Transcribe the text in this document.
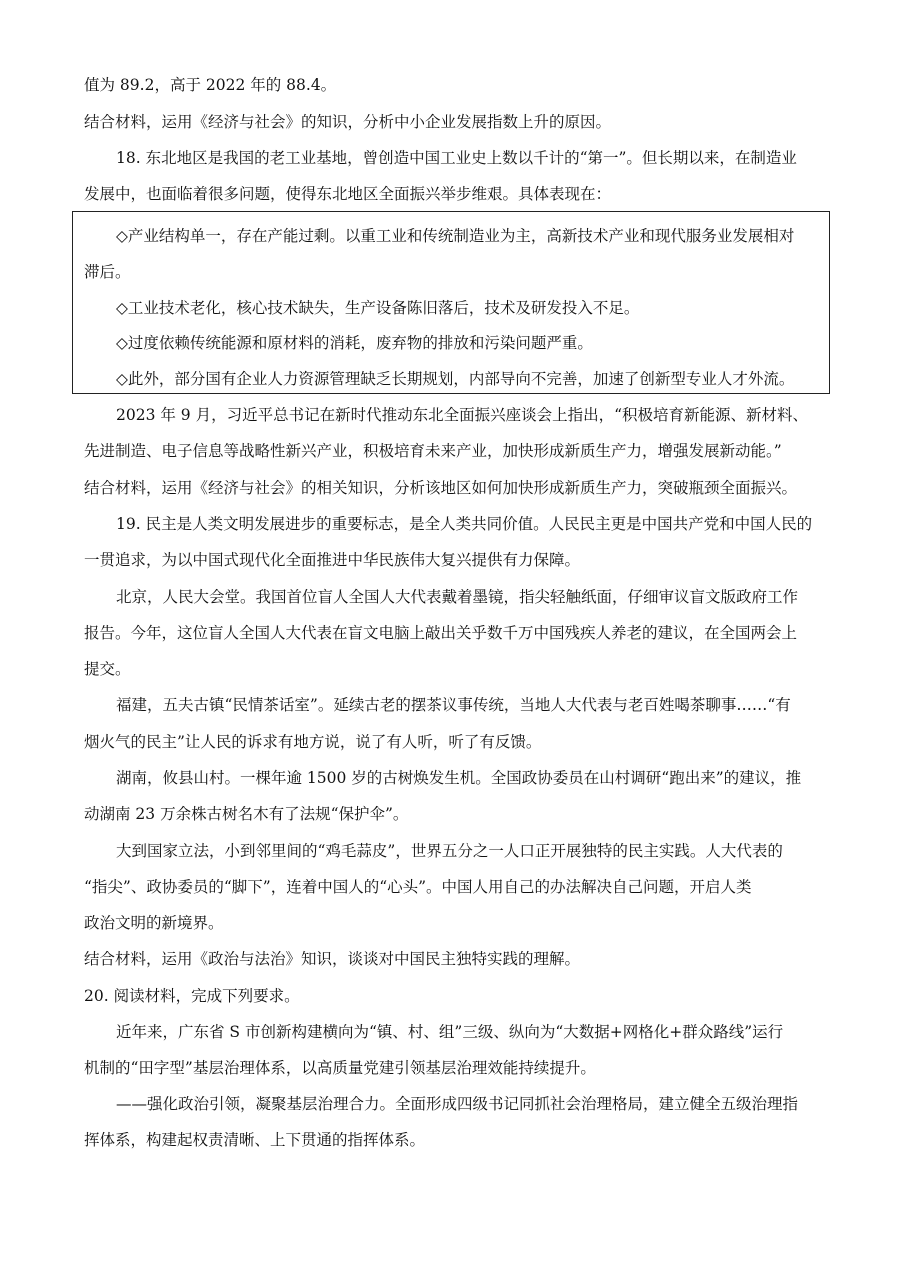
值为 89.2，高于 2022 年的 88.4。
结合材料，运用《经济与社会》的知识，分析中小企业发展指数上升的原因。
18. 东北地区是我国的老工业基地，曾创造中国工业史上数以千计的“第一”。但长期以来，在制造业
发展中，也面临着很多问题，使得东北地区全面振兴举步维艰。具体表现在：
◇产业结构单一，存在产能过剩。以重工业和传统制造业为主，高新技术产业和现代服务业发展相对
滞后。
◇工业技术老化，核心技术缺失，生产设备陈旧落后，技术及研发投入不足。
◇过度依赖传统能源和原材料的消耗，废弃物的排放和污染问题严重。
◇此外，部分国有企业人力资源管理缺乏长期规划，内部导向不完善，加速了创新型专业人才外流。
2023 年 9 月，习近平总书记在新时代推动东北全面振兴座谈会上指出，“积极培育新能源、新材料、
先进制造、电子信息等战略性新兴产业，积极培育未来产业，加快形成新质生产力，增强发展新动能。”
结合材料，运用《经济与社会》的相关知识，分析该地区如何加快形成新质生产力，突破瓶颈全面振兴。
19. 民主是人类文明发展进步的重要标志，是全人类共同价值。人民民主更是中国共产党和中国人民的
一贯追求，为以中国式现代化全面推进中华民族伟大复兴提供有力保障。
北京，人民大会堂。我国首位盲人全国人大代表戴着墨镜，指尖轻触纸面，仔细审议盲文版政府工作
报告。今年，这位盲人全国人大代表在盲文电脑上敲出关乎数千万中国残疾人养老的建议，在全国两会上
提交。
福建，五夫古镇“民情茶话室”。延续古老的摆茶议事传统，当地人大代表与老百姓喝茶聊事……“有
烟火气的民主”让人民的诉求有地方说，说了有人听，听了有反馈。
湖南，攸县山村。一棵年逾 1500 岁的古树焕发生机。全国政协委员在山村调研“跑出来”的建议，推
动湖南 23 万余株古树名木有了法规“保护伞”。
大到国家立法，小到邻里间的“鸡毛蒜皮”，世界五分之一人口正开展独特的民主实践。人大代表的
“指尖”、政协委员的“脚下”，连着中国人的“心头”。中国人用自己的办法解决自己问题，开启人类
政治文明的新境界。
结合材料，运用《政治与法治》知识，谈谈对中国民主独特实践的理解。
20. 阅读材料，完成下列要求。
近年来，广东省 S 市创新构建横向为“镇、村、组”三级、纵向为“大数据+网格化+群众路线”运行
机制的“田字型”基层治理体系，以高质量党建引领基层治理效能持续提升。
——强化政治引领，凝聚基层治理合力。全面形成四级书记同抓社会治理格局，建立健全五级治理指
挥体系，构建起权责清晰、上下贯通的指挥体系。
